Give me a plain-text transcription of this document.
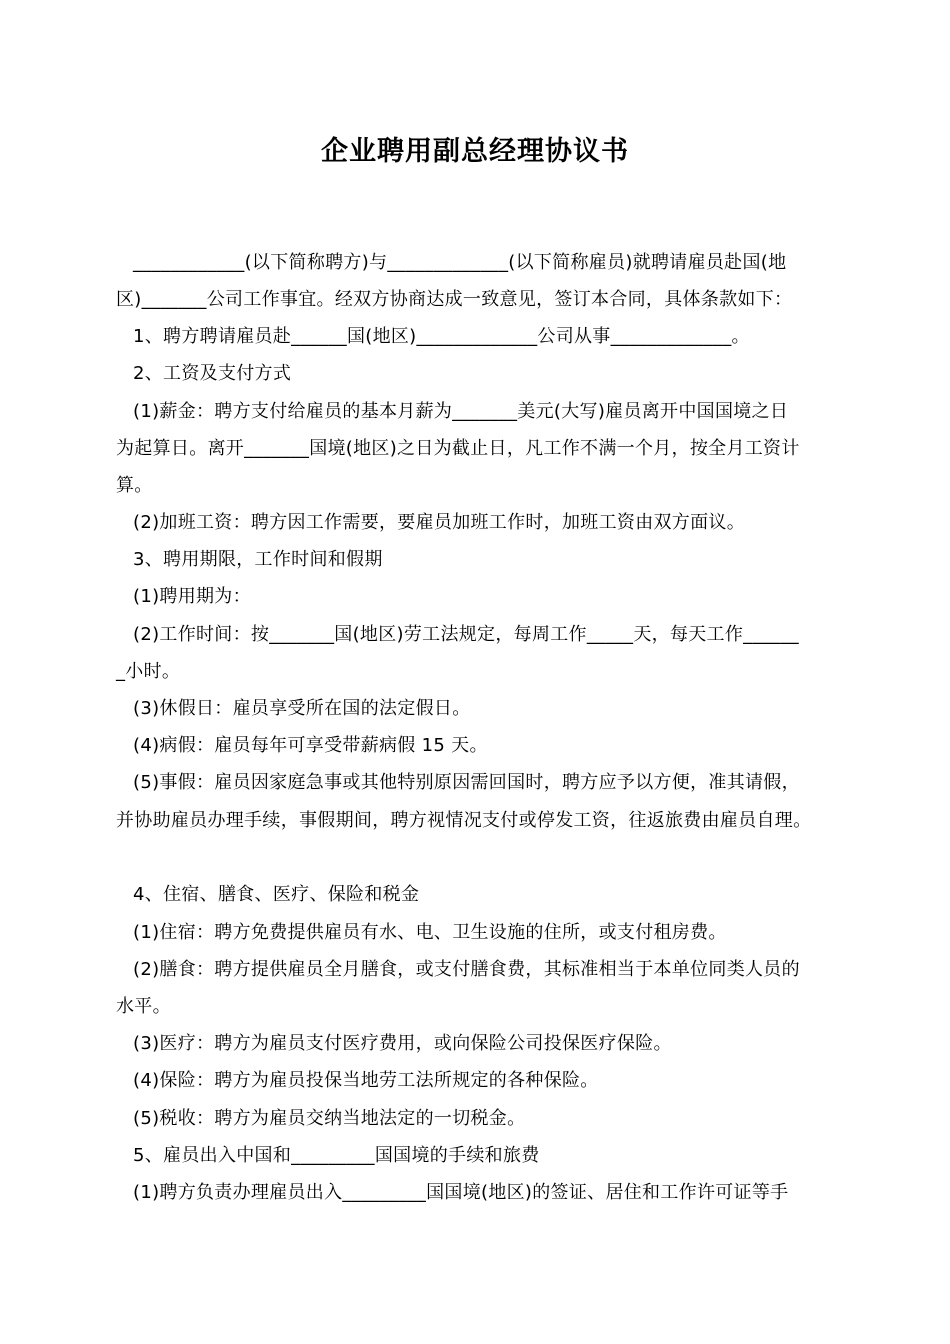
企业聘用副总经理协议书
____________(以下简称聘方)与_____________(以下简称雇员)就聘请雇员赴国(地
区)_______公司工作事宜。经双方协商达成一致意见，签订本合同，具体条款如下：
1、聘方聘请雇员赴______国(地区)_____________公司从事_____________。
2、工资及支付方式
(1)薪金：聘方支付给雇员的基本月薪为_______美元(大写)雇员离开中国国境之日
为起算日。离开_______国境(地区)之日为截止日，凡工作不满一个月，按全月工资计
算。
(2)加班工资：聘方因工作需要，要雇员加班工作时，加班工资由双方面议。
3、聘用期限，工作时间和假期
(1)聘用期为：
(2)工作时间：按_______国(地区)劳工法规定，每周工作_____天，每天工作______
_小时。
(3)休假日：雇员享受所在国的法定假日。
(4)病假：雇员每年可享受带薪病假 15 天。
(5)事假：雇员因家庭急事或其他特别原因需回国时，聘方应予以方便，准其请假，
并协助雇员办理手续，事假期间，聘方视情况支付或停发工资，往返旅费由雇员自理。
4、住宿、膳食、医疗、保险和税金
(1)住宿：聘方免费提供雇员有水、电、卫生设施的住所，或支付租房费。
(2)膳食：聘方提供雇员全月膳食，或支付膳食费，其标准相当于本单位同类人员的
水平。
(3)医疗：聘方为雇员支付医疗费用，或向保险公司投保医疗保险。
(4)保险：聘方为雇员投保当地劳工法所规定的各种保险。
(5)税收：聘方为雇员交纳当地法定的一切税金。
5、雇员出入中国和_________国国境的手续和旅费
(1)聘方负责办理雇员出入_________国国境(地区)的签证、居住和工作许可证等手
